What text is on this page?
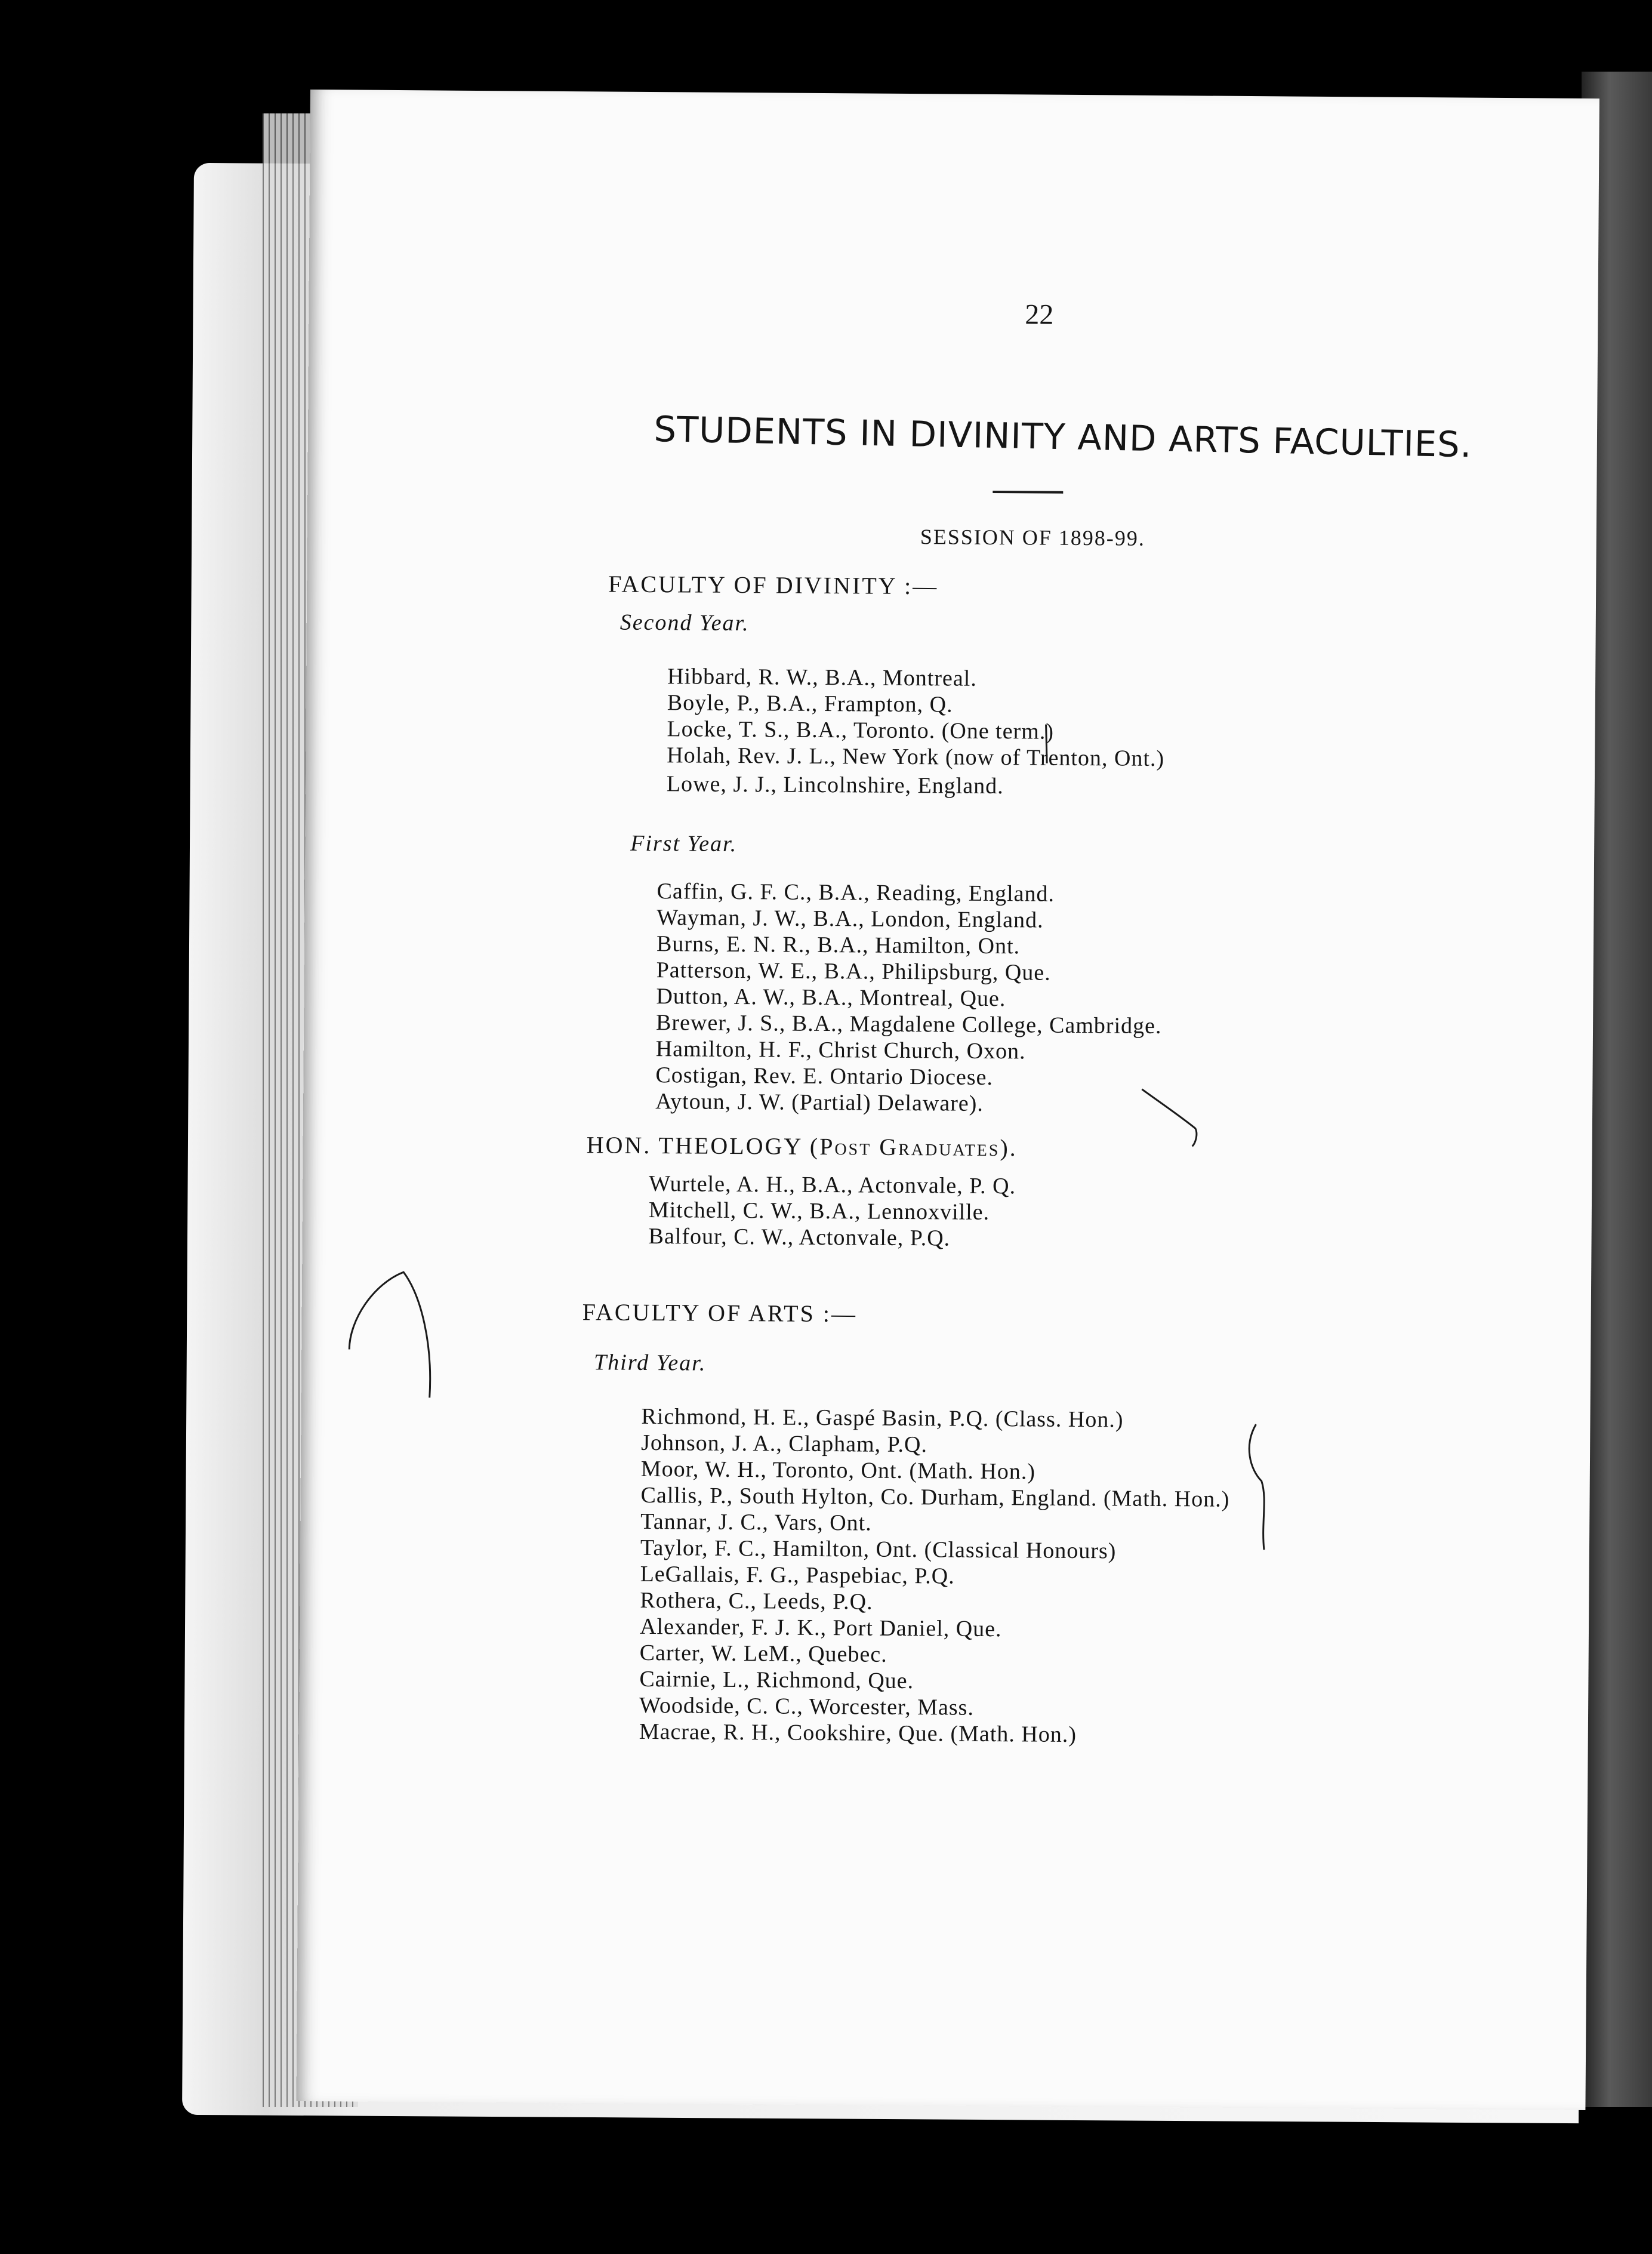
22

STUDENTS IN DIVINITY AND ARTS FACULTIES.

SESSION OF 1898-99.

FACULTY OF DIVINITY :—

Second Year.

Hibbard, R. W., B.A., Montreal.

Boyle, P., B.A., Frampton, Q.

Locke, T. S., B.A., Toronto. (One term.)

Holah, Rev. J. L., New York (now of Trenton, Ont.)

Lowe, J. J., Lincolnshire, England.

First Year.

Caffin, G. F. C., B.A., Reading, England.

Wayman, J. W., B.A., London, England.

Burns, E. N. R., B.A., Hamilton, Ont.

Patterson, W. E., B.A., Philipsburg, Que.

Dutton, A. W., B.A., Montreal, Que.

Brewer, J. S., B.A., Magdalene College, Cambridge.

Hamilton, H. F., Christ Church, Oxon.

Costigan, Rev. E. Ontario Diocese.

Aytoun, J. W. (Partial) Delaware).

HON. THEOLOGY (Post Graduates).

Wurtele, A. H., B.A., Actonvale, P. Q.

Mitchell, C. W., B.A., Lennoxville.

Balfour, C. W., Actonvale, P.Q.

FACULTY OF ARTS :—

Third Year.

Richmond, H. E., Gaspé Basin, P.Q. (Class. Hon.)

Johnson, J. A., Clapham, P.Q.

Moor, W. H., Toronto, Ont. (Math. Hon.)

Callis, P., South Hylton, Co. Durham, England. (Math. Hon.)

Tannar, J. C., Vars, Ont.

Taylor, F. C., Hamilton, Ont. (Classical Honours)

LeGallais, F. G., Paspebiac, P.Q.

Rothera, C., Leeds, P.Q.

Alexander, F. J. K., Port Daniel, Que.

Carter, W. LeM., Quebec.

Cairnie, L., Richmond, Que.

Woodside, C. C., Worcester, Mass.

Macrae, R. H., Cookshire, Que. (Math. Hon.)
